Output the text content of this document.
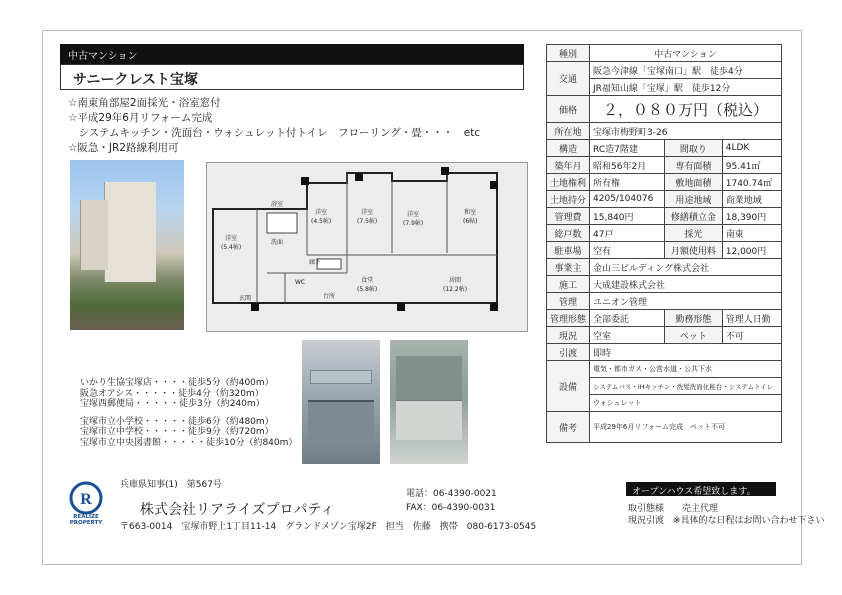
中古マンション
サニークレスト宝塚
☆南東角部屋2面採光・浴室窓付
☆平成29年6月リフォーム完成
　システムキッチン・洗面台・ウォシュレット付トイレ　フローリング・畳・・・　etc
☆阪急・JR2路線利用可
洋室
(5.4帖)
洋室
(4.5帖)
洋室
(7.5帖)
和室
(6帖)
洋室
(7.9帖)
食堂
(5.8帖)
居間
(12.2帖)
浴室
洗面
玄関
廊下
WC
台所
いかり生協宝塚店・・・・徒歩5分（約400m）
阪急オアシス・・・・・徒歩4分（約320m）
宝塚西郵便局・・・・・徒歩3分（約240m）
宝塚市立小学校・・・・・徒歩6分（約480m）
宝塚市立中学校・・・・・徒歩9分（約720m）
宝塚市立中央図書館・・・・・徒歩10分（約840m）
種別	中古マンション		
交通	阪急今津線「宝塚南口」駅　徒歩4分		
	JR福知山線「宝塚」駅　徒歩12分		
価格	２，０８０万円（税込）		
所在地	宝塚市梅野町3-26		
構造	RC造7階建	間取り	4LDK
築年月	昭和56年2月	専有面積	95.41㎡
土地権利	所有権	敷地面積	1740.74㎡
土地持分	4205/104076	用途地域	商業地域
管理費	15,840円	修繕積立金	18,390円
総戸数	47戸	採光	南東
駐車場	空有	月額使用料	12,000円
事業主	金山三ビルディング株式会社		
施工	大成建設株式会社		
管理	ユニオン管理		
管理形態	全部委託	勤務形態	管理人日勤
現況	空室	ペット	不可
引渡	即時		
設備	電気・都市ガス・公営水道・公共下水		
	システムバス・IHキッチン・洗髪洗面化粧台・システムトイレ		
	ウォシュレット		
備考	平成29年6月リフォーム完成　ペット不可		
R
REALIZE PROPERTY
兵庫県知事(1)　第567号
株式会社リアライズプロパティ
〒663-0014　宝塚市野上1丁目11-14　グランドメゾン宝塚2F　担当　佐藤　携帯　080-6173-0545
電話：06-4390-0021
FAX：06-4390-0031
オープンハウス希望致します。
取引態様　　売主代理
現況引渡　※具体的な日程はお問い合わせ下さい
